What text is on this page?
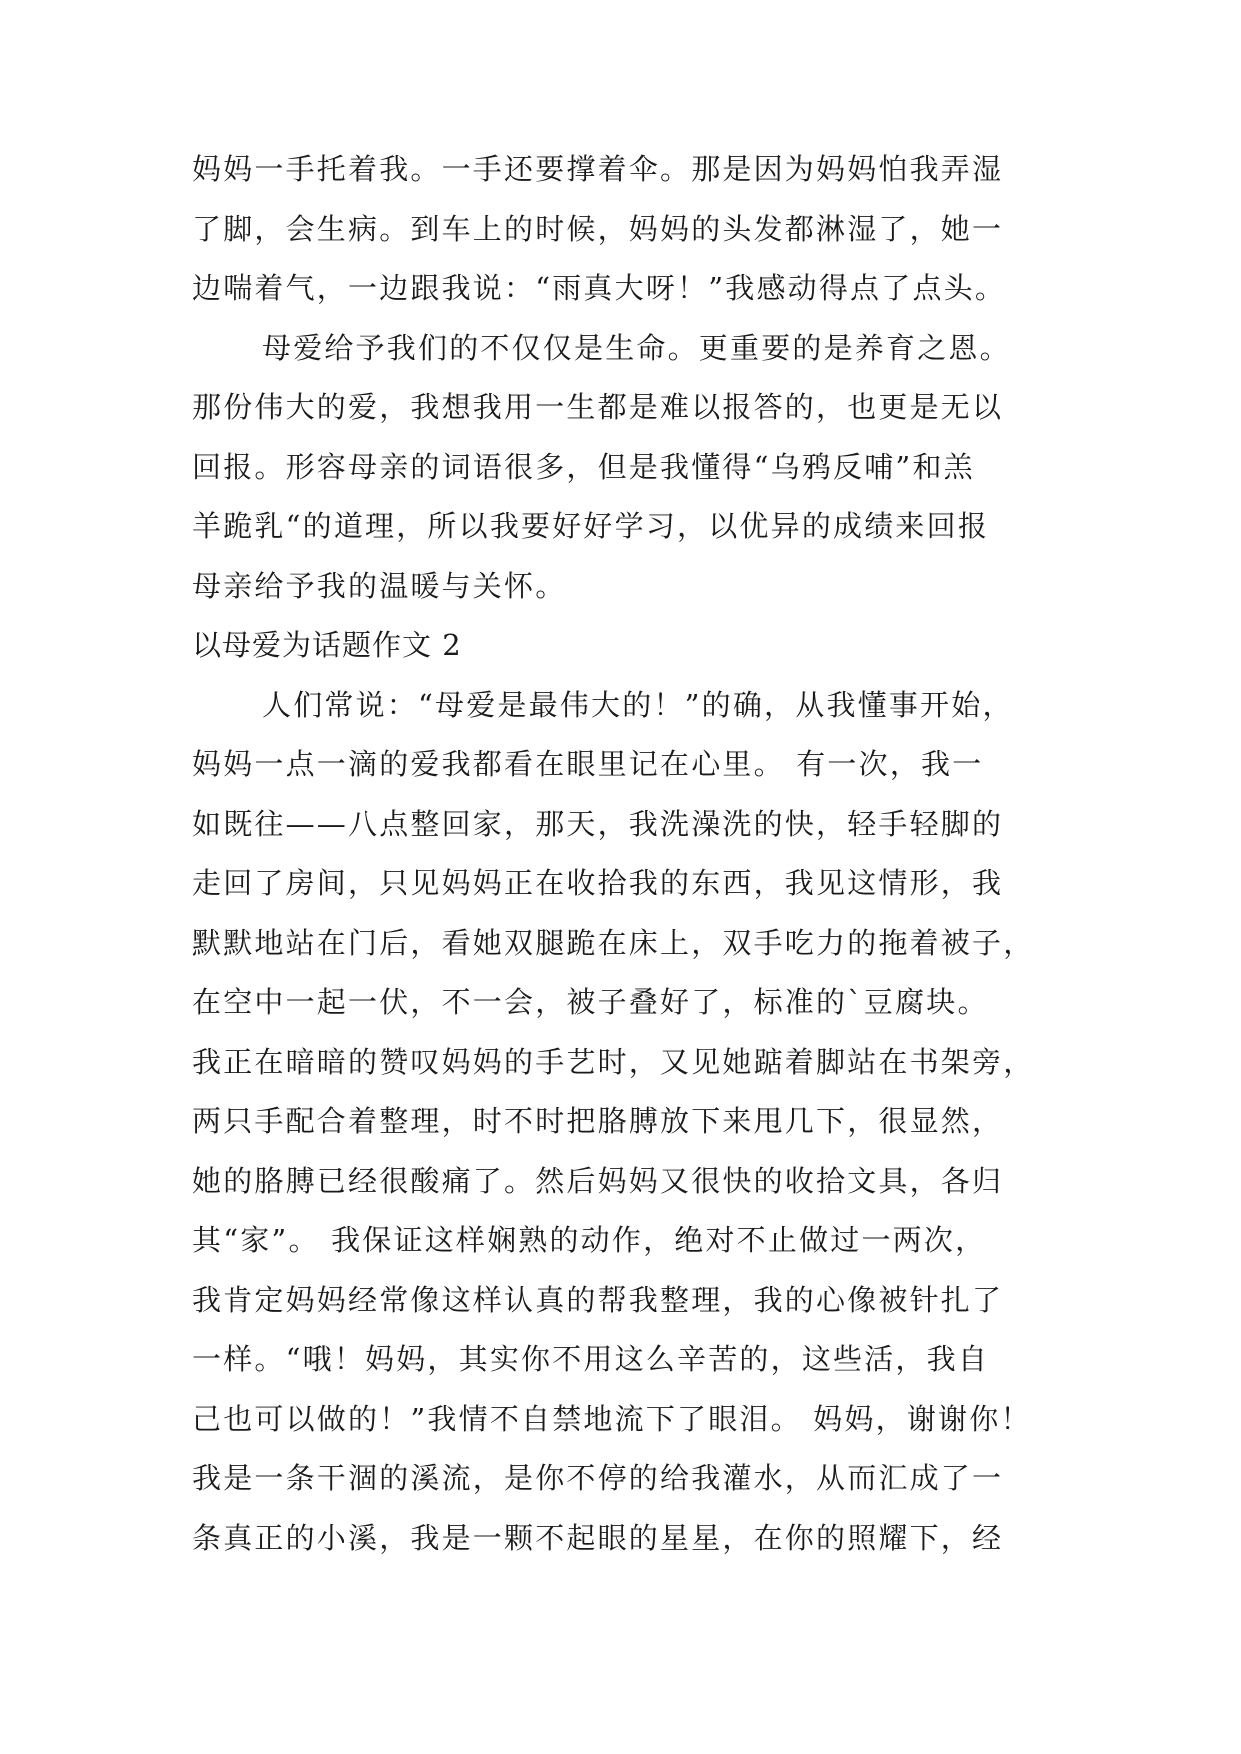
妈妈一手托着我。一手还要撑着伞。那是因为妈妈怕我弄湿
了脚，会生病。到车上的时候，妈妈的头发都淋湿了，她一
边喘着气，一边跟我说：“雨真大呀！”我感动得点了点头。
母爱给予我们的不仅仅是生命。更重要的是养育之恩。
那份伟大的爱，我想我用一生都是难以报答的，也更是无以
回报。形容母亲的词语很多，但是我懂得“乌鸦反哺”和羔
羊跪乳“的道理，所以我要好好学习，以优异的成绩来回报
母亲给予我的温暖与关怀。
以母爱为话题作文 2
人们常说：“母爱是最伟大的！”的确，从我懂事开始，
妈妈一点一滴的爱我都看在眼里记在心里。 有一次，我一
如既往——八点整回家，那天，我洗澡洗的快，轻手轻脚的
走回了房间，只见妈妈正在收拾我的东西，我见这情形，我
默默地站在门后，看她双腿跪在床上，双手吃力的拖着被子，
在空中一起一伏，不一会，被子叠好了，标准的`豆腐块。
我正在暗暗的赞叹妈妈的手艺时，又见她踮着脚站在书架旁，
两只手配合着整理，时不时把胳膊放下来甩几下，很显然，
她的胳膊已经很酸痛了。然后妈妈又很快的收拾文具，各归
其“家”。 我保证这样娴熟的动作，绝对不止做过一两次，
我肯定妈妈经常像这样认真的帮我整理，我的心像被针扎了
一样。“哦！妈妈，其实你不用这么辛苦的，这些活，我自
己也可以做的！”我情不自禁地流下了眼泪。 妈妈，谢谢你！
我是一条干涸的溪流，是你不停的给我灌水，从而汇成了一
条真正的小溪，我是一颗不起眼的星星，在你的照耀下，经
